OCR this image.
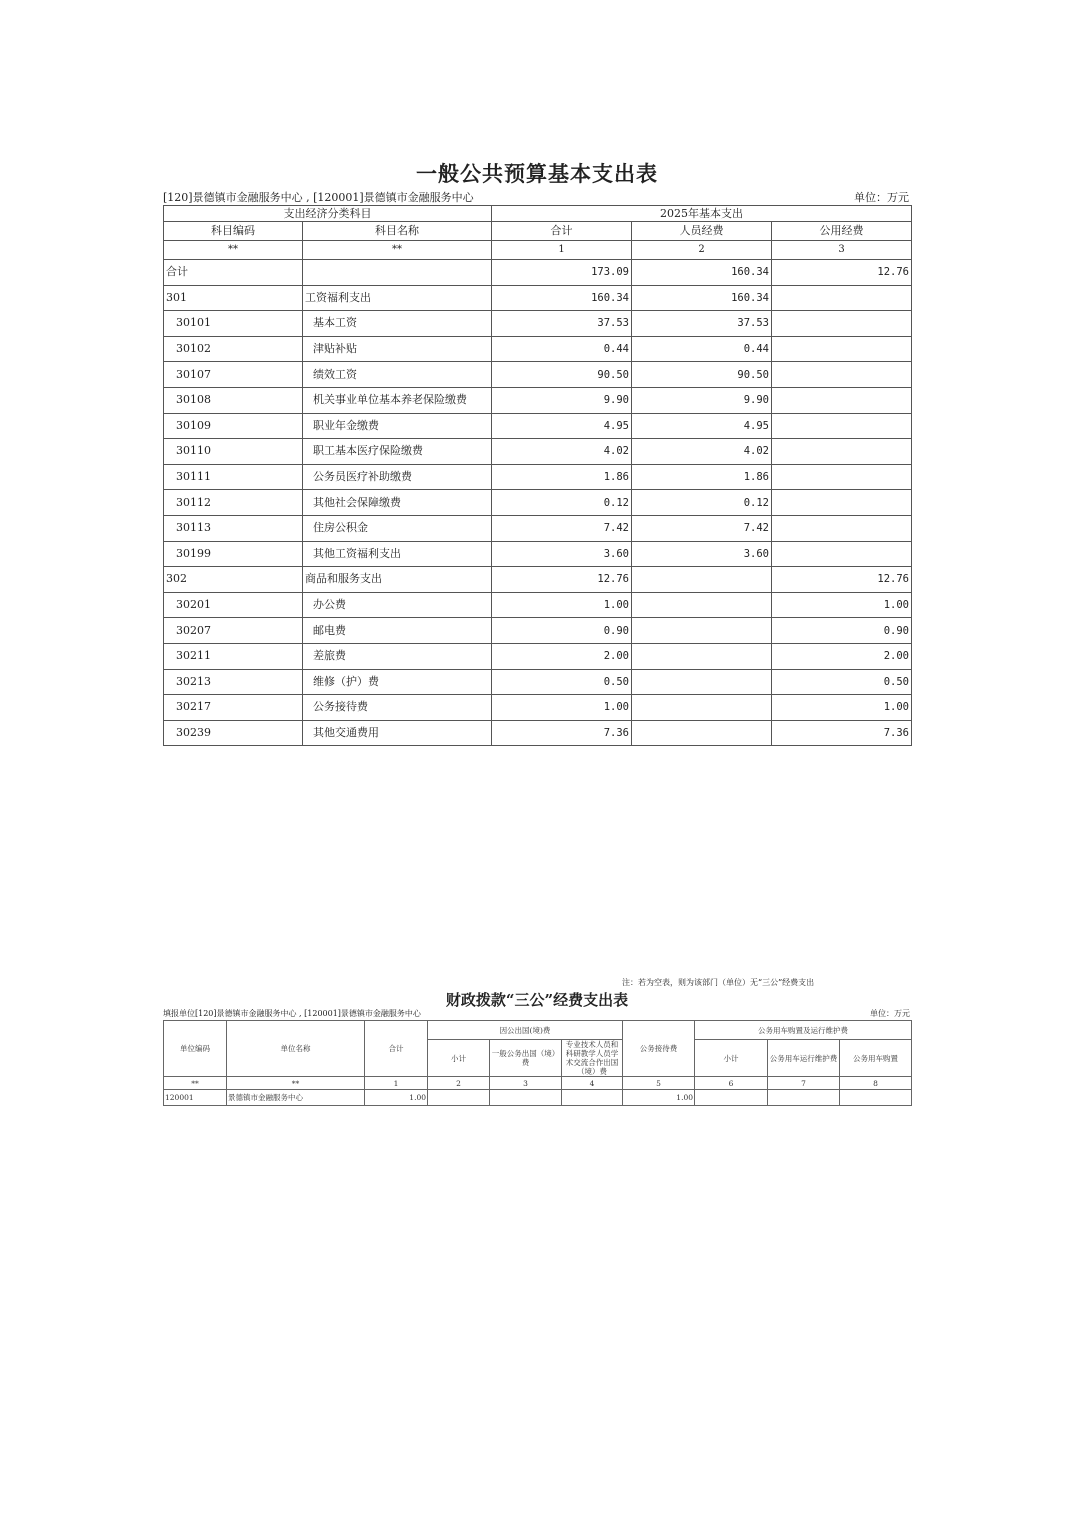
一般公共预算基本支出表
[120]景德镇市金融服务中心 , [120001]景德镇市金融服务中心	单位：万元
支出经济分类科目		2025年基本支出		
科目编码	科目名称	合计	人员经费	公用经费
**	**	1	2	3
合计		173.09	160.34	12.76
301	工资福利支出	160.34	160.34	
30101	基本工资	37.53	37.53	
30102	津贴补贴	0.44	0.44	
30107	绩效工资	90.50	90.50	
30108	机关事业单位基本养老保险缴费	9.90	9.90	
30109	职业年金缴费	4.95	4.95	
30110	职工基本医疗保险缴费	4.02	4.02	
30111	公务员医疗补助缴费	1.86	1.86	
30112	其他社会保障缴费	0.12	0.12	
30113	住房公积金	7.42	7.42	
30199	其他工资福利支出	3.60	3.60	
302	商品和服务支出	12.76		12.76
30201	办公费	1.00		1.00
30207	邮电费	0.90		0.90
30211	差旅费	2.00		2.00
30213	维修（护）费	0.50		0.50
30217	公务接待费	1.00		1.00
30239	其他交通费用	7.36		7.36
注：若为空表，则为该部门（单位）无“三公”经费支出
财政拨款“三公”经费支出表
填报单位[120]景德镇市金融服务中心 , [120001]景德镇市金融服务中心	单位：万元
单位编码	单位名称	合计	因公出国(境)费			公务接待费	公务用车购置及运行维护费		
			小计	一般公务出国（境）费	专业技术人员和科研教学人员学术交流合作出国（境）费		小计	公务用车运行维护费	公务用车购置
**	**	1	2	3	4	5	6	7	8
120001	景德镇市金融服务中心	1.00				1.00			
